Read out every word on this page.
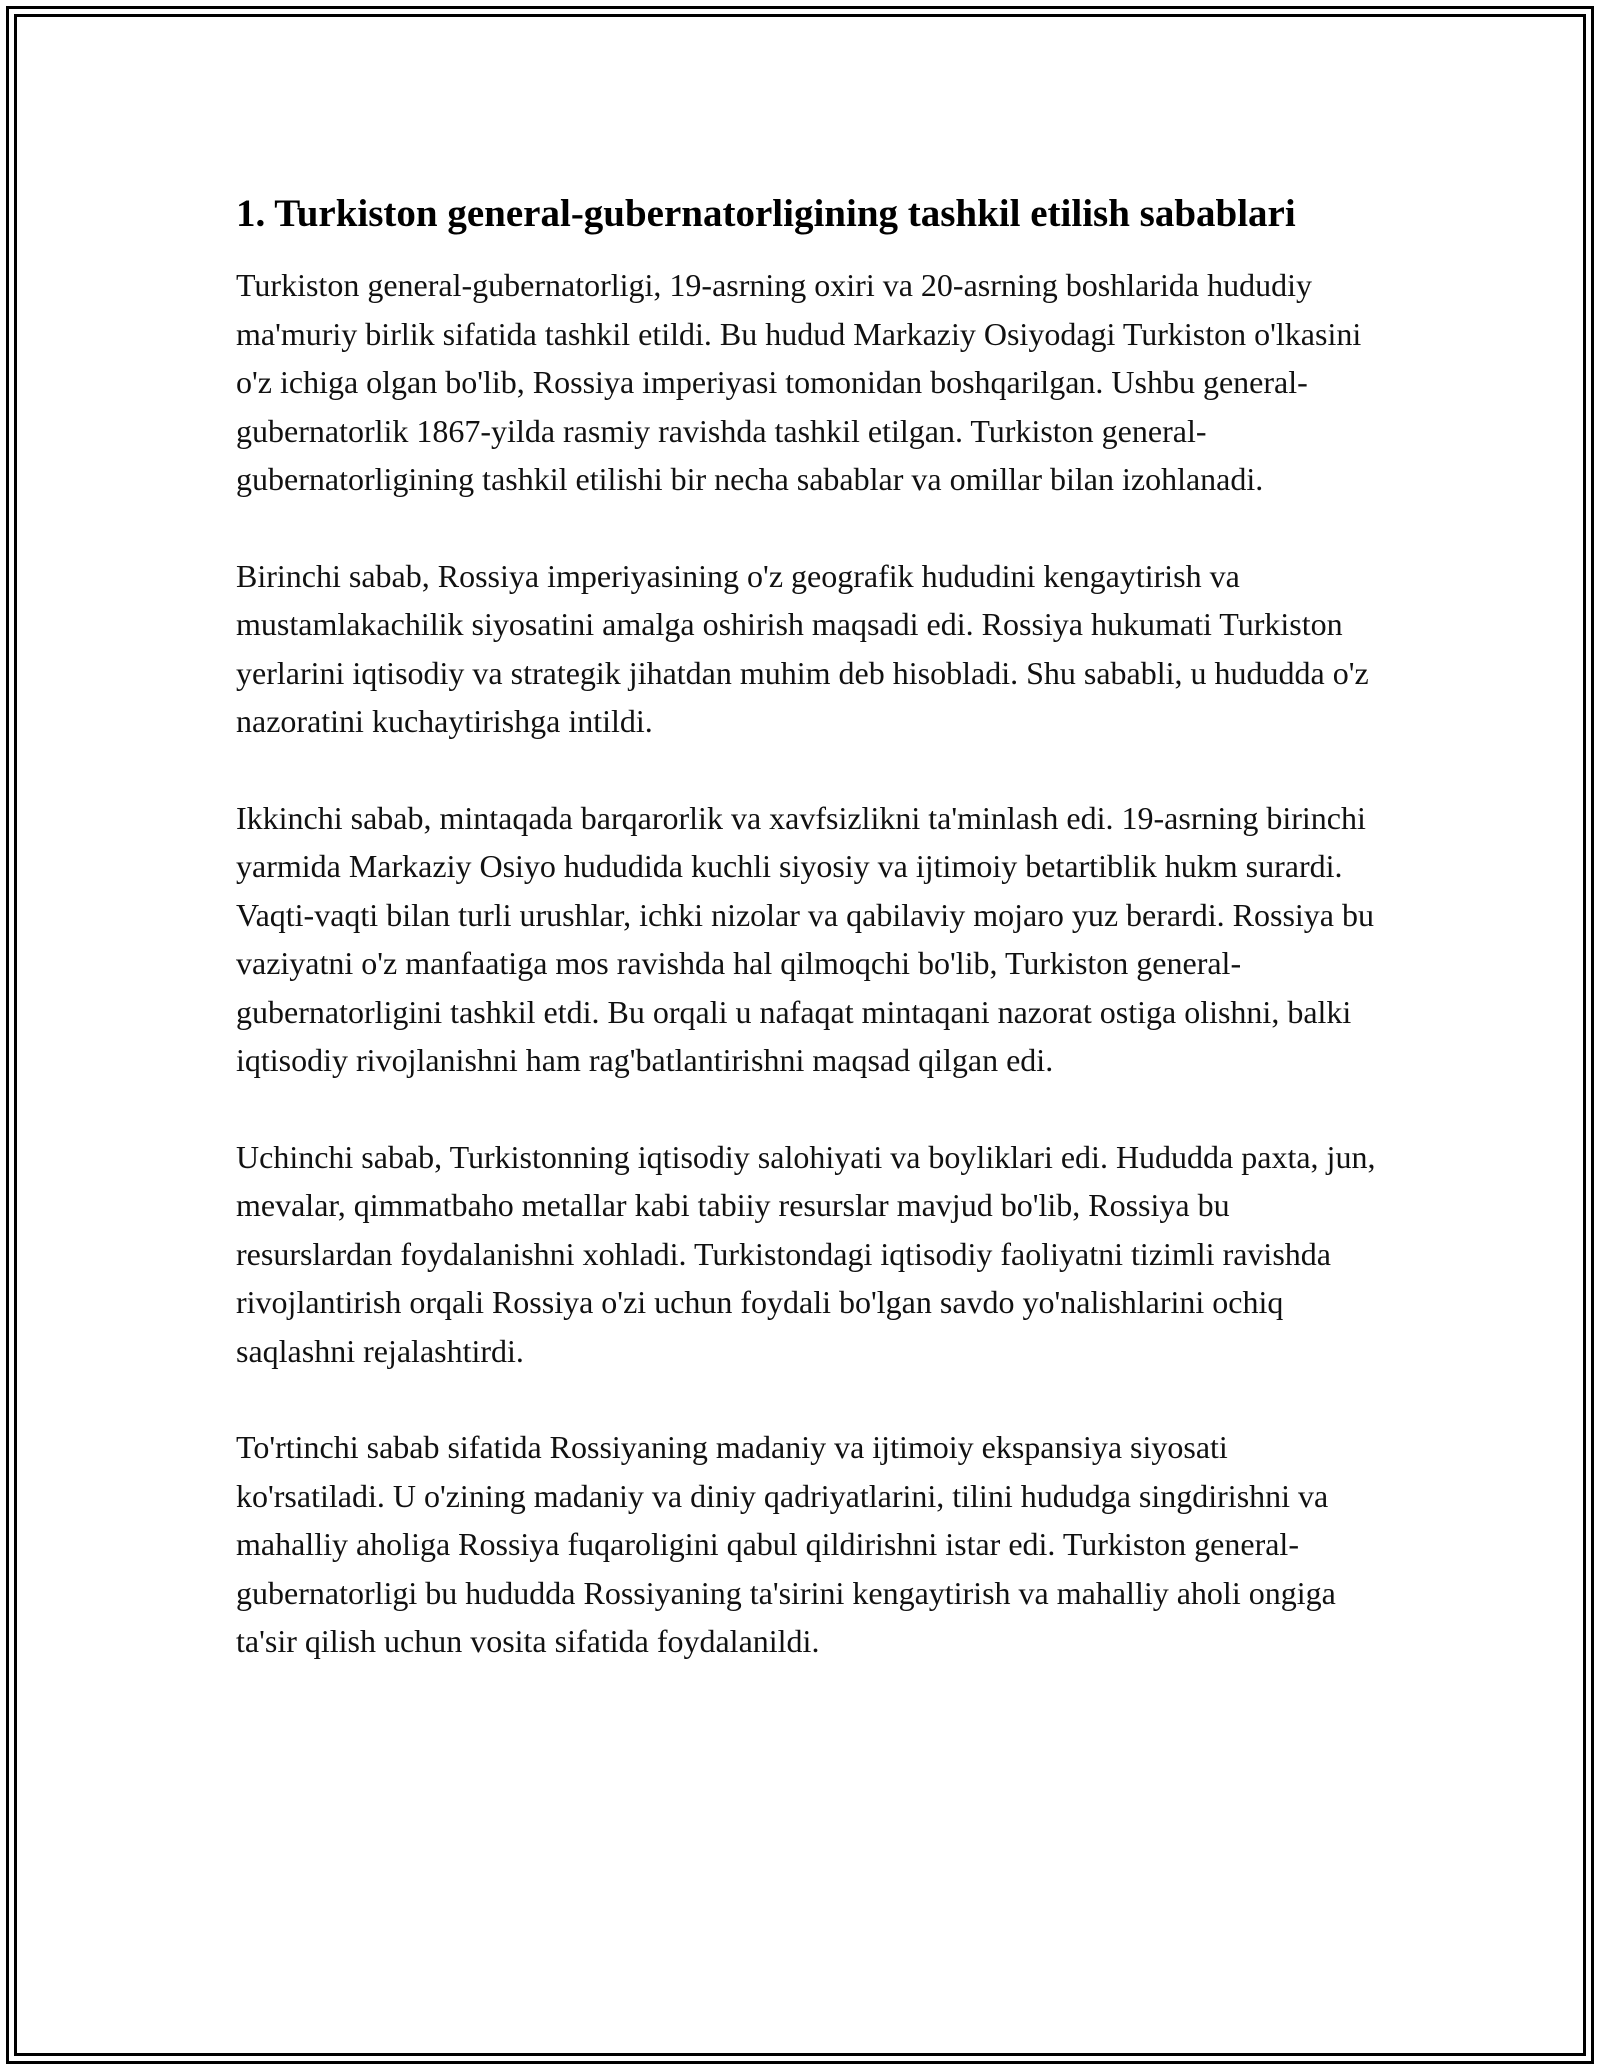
1. Turkiston general-gubernatorligining tashkil etilish sabablari

Turkiston general-gubernatorligi, 19-asrning oxiri va 20-asrning boshlarida hududiy ma'muriy birlik sifatida tashkil etildi. Bu hudud Markaziy Osiyodagi Turkiston o'lkasini o'z ichiga olgan bo'lib, Rossiya imperiyasi tomonidan boshqarilgan. Ushbu general-gubernatorlik 1867-yilda rasmiy ravishda tashkil etilgan. Turkiston general-gubernatorligining tashkil etilishi bir necha sabablar va omillar bilan izohlanadi.

Birinchi sabab, Rossiya imperiyasining o'z geografik hududini kengaytirish va mustamlakachilik siyosatini amalga oshirish maqsadi edi. Rossiya hukumati Turkiston yerlarini iqtisodiy va strategik jihatdan muhim deb hisobladi. Shu sababli, u hududda o'z nazoratini kuchaytirishga intildi.

Ikkinchi sabab, mintaqada barqarorlik va xavfsizlikni ta'minlash edi. 19-asrning birinchi yarmida Markaziy Osiyo hududida kuchli siyosiy va ijtimoiy betartiblik hukm surardi. Vaqti-vaqti bilan turli urushlar, ichki nizolar va qabilaviy mojaro yuz berardi. Rossiya bu vaziyatni o'z manfaatiga mos ravishda hal qilmoqchi bo'lib, Turkiston general-gubernatorligini tashkil etdi. Bu orqali u nafaqat mintaqani nazorat ostiga olishni, balki iqtisodiy rivojlanishni ham rag'batlantirishni maqsad qilgan edi.

Uchinchi sabab, Turkistonning iqtisodiy salohiyati va boyliklari edi. Hududda paxta, jun, mevalar, qimmatbaho metallar kabi tabiiy resurslar mavjud bo'lib, Rossiya bu resurslardan foydalanishni xohladi. Turkistondagi iqtisodiy faoliyatni tizimli ravishda rivojlantirish orqali Rossiya o'zi uchun foydali bo'lgan savdo yo'nalishlarini ochiq saqlashni rejalashtirdi.

To'rtinchi sabab sifatida Rossiyaning madaniy va ijtimoiy ekspansiya siyosati ko'rsatiladi. U o'zining madaniy va diniy qadriyatlarini, tilini hududga singdirishni va mahalliy aholiga Rossiya fuqaroligini qabul qildirishni istar edi. Turkiston general-gubernatorligi bu hududda Rossiyaning ta'sirini kengaytirish va mahalliy aholi ongiga ta'sir qilish uchun vosita sifatida foydalanildi.
